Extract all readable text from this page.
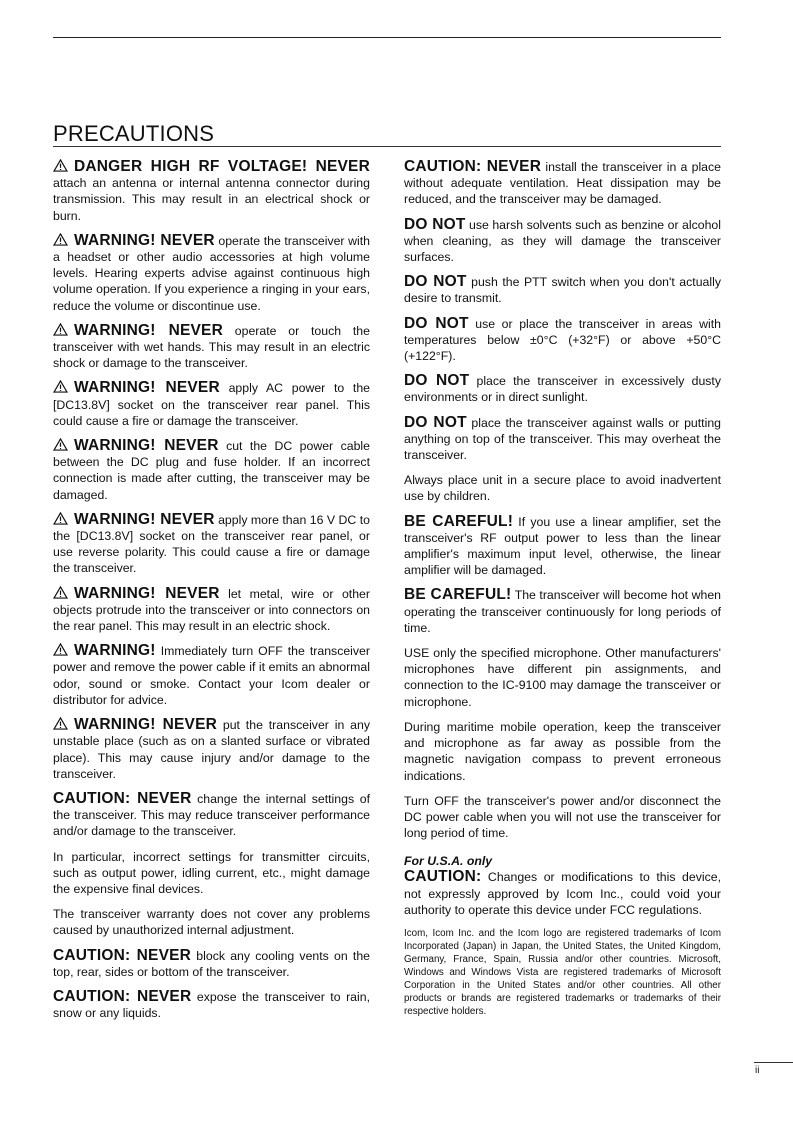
PRECAUTIONS

DANGER HIGH RF VOLTAGE! NEVER attach an antenna or internal antenna connector during transmission. This may result in an electrical shock or burn.

WARNING! NEVER operate the transceiver with a headset or other audio accessories at high volume levels. Hearing experts advise against continuous high volume operation. If you experience a ringing in your ears, reduce the volume or discontinue use.

WARNING! NEVER operate or touch the transceiver with wet hands. This may result in an electric shock or damage to the transceiver.

WARNING! NEVER apply AC power to the [DC13.8V] socket on the transceiver rear panel. This could cause a fire or damage the transceiver.

WARNING! NEVER cut the DC power cable between the DC plug and fuse holder. If an incorrect connection is made after cutting, the transceiver may be damaged.

WARNING! NEVER apply more than 16 V DC to the [DC13.8V] socket on the transceiver rear panel, or use reverse polarity. This could cause a fire or damage the transceiver.

WARNING! NEVER let metal, wire or other objects protrude into the transceiver or into connectors on the rear panel. This may result in an electric shock.

WARNING! Immediately turn OFF the transceiver power and remove the power cable if it emits an abnormal odor, sound or smoke. Contact your Icom dealer or distributor for advice.

WARNING! NEVER put the transceiver in any unstable place (such as on a slanted surface or vibrated place). This may cause injury and/or damage to the transceiver.

CAUTION: NEVER change the internal settings of the transceiver. This may reduce transceiver performance and/or damage to the transceiver.

In particular, incorrect settings for transmitter circuits, such as output power, idling current, etc., might damage the expensive final devices.

The transceiver warranty does not cover any problems caused by unauthorized internal adjustment.

CAUTION: NEVER block any cooling vents on the top, rear, sides or bottom of the transceiver.

CAUTION: NEVER expose the transceiver to rain, snow or any liquids.

CAUTION: NEVER install the transceiver in a place without adequate ventilation. Heat dissipation may be reduced, and the transceiver may be damaged.

DO NOT use harsh solvents such as benzine or alcohol when cleaning, as they will damage the transceiver surfaces.

DO NOT push the PTT switch when you don't actually desire to transmit.

DO NOT use or place the transceiver in areas with temperatures below ±0°C (+32°F) or above +50°C (+122°F).

DO NOT place the transceiver in excessively dusty environments or in direct sunlight.

DO NOT place the transceiver against walls or putting anything on top of the transceiver. This may overheat the transceiver.

Always place unit in a secure place to avoid inadvertent use by children.

BE CAREFUL! If you use a linear amplifier, set the transceiver's RF output power to less than the linear amplifier's maximum input level, otherwise, the linear amplifier will be damaged.

BE CAREFUL! The transceiver will become hot when operating the transceiver continuously for long periods of time.

USE only the specified microphone. Other manufacturers' microphones have different pin assignments, and connection to the IC-9100 may damage the transceiver or microphone.

During maritime mobile operation, keep the transceiver and microphone as far away as possible from the magnetic navigation compass to prevent erroneous indications.

Turn OFF the transceiver's power and/or disconnect the DC power cable when you will not use the transceiver for long period of time.

For U.S.A. only
CAUTION: Changes or modifications to this device, not expressly approved by Icom Inc., could void your authority to operate this device under FCC regulations.

Icom, Icom Inc. and the Icom logo are registered trademarks of Icom Incorporated (Japan) in Japan, the United States, the United Kingdom, Germany, France, Spain, Russia and/or other countries. Microsoft, Windows and Windows Vista are registered trademarks of Microsoft Corporation in the United States and/or other countries. All other products or brands are registered trademarks or trademarks of their respective holders.

ii
